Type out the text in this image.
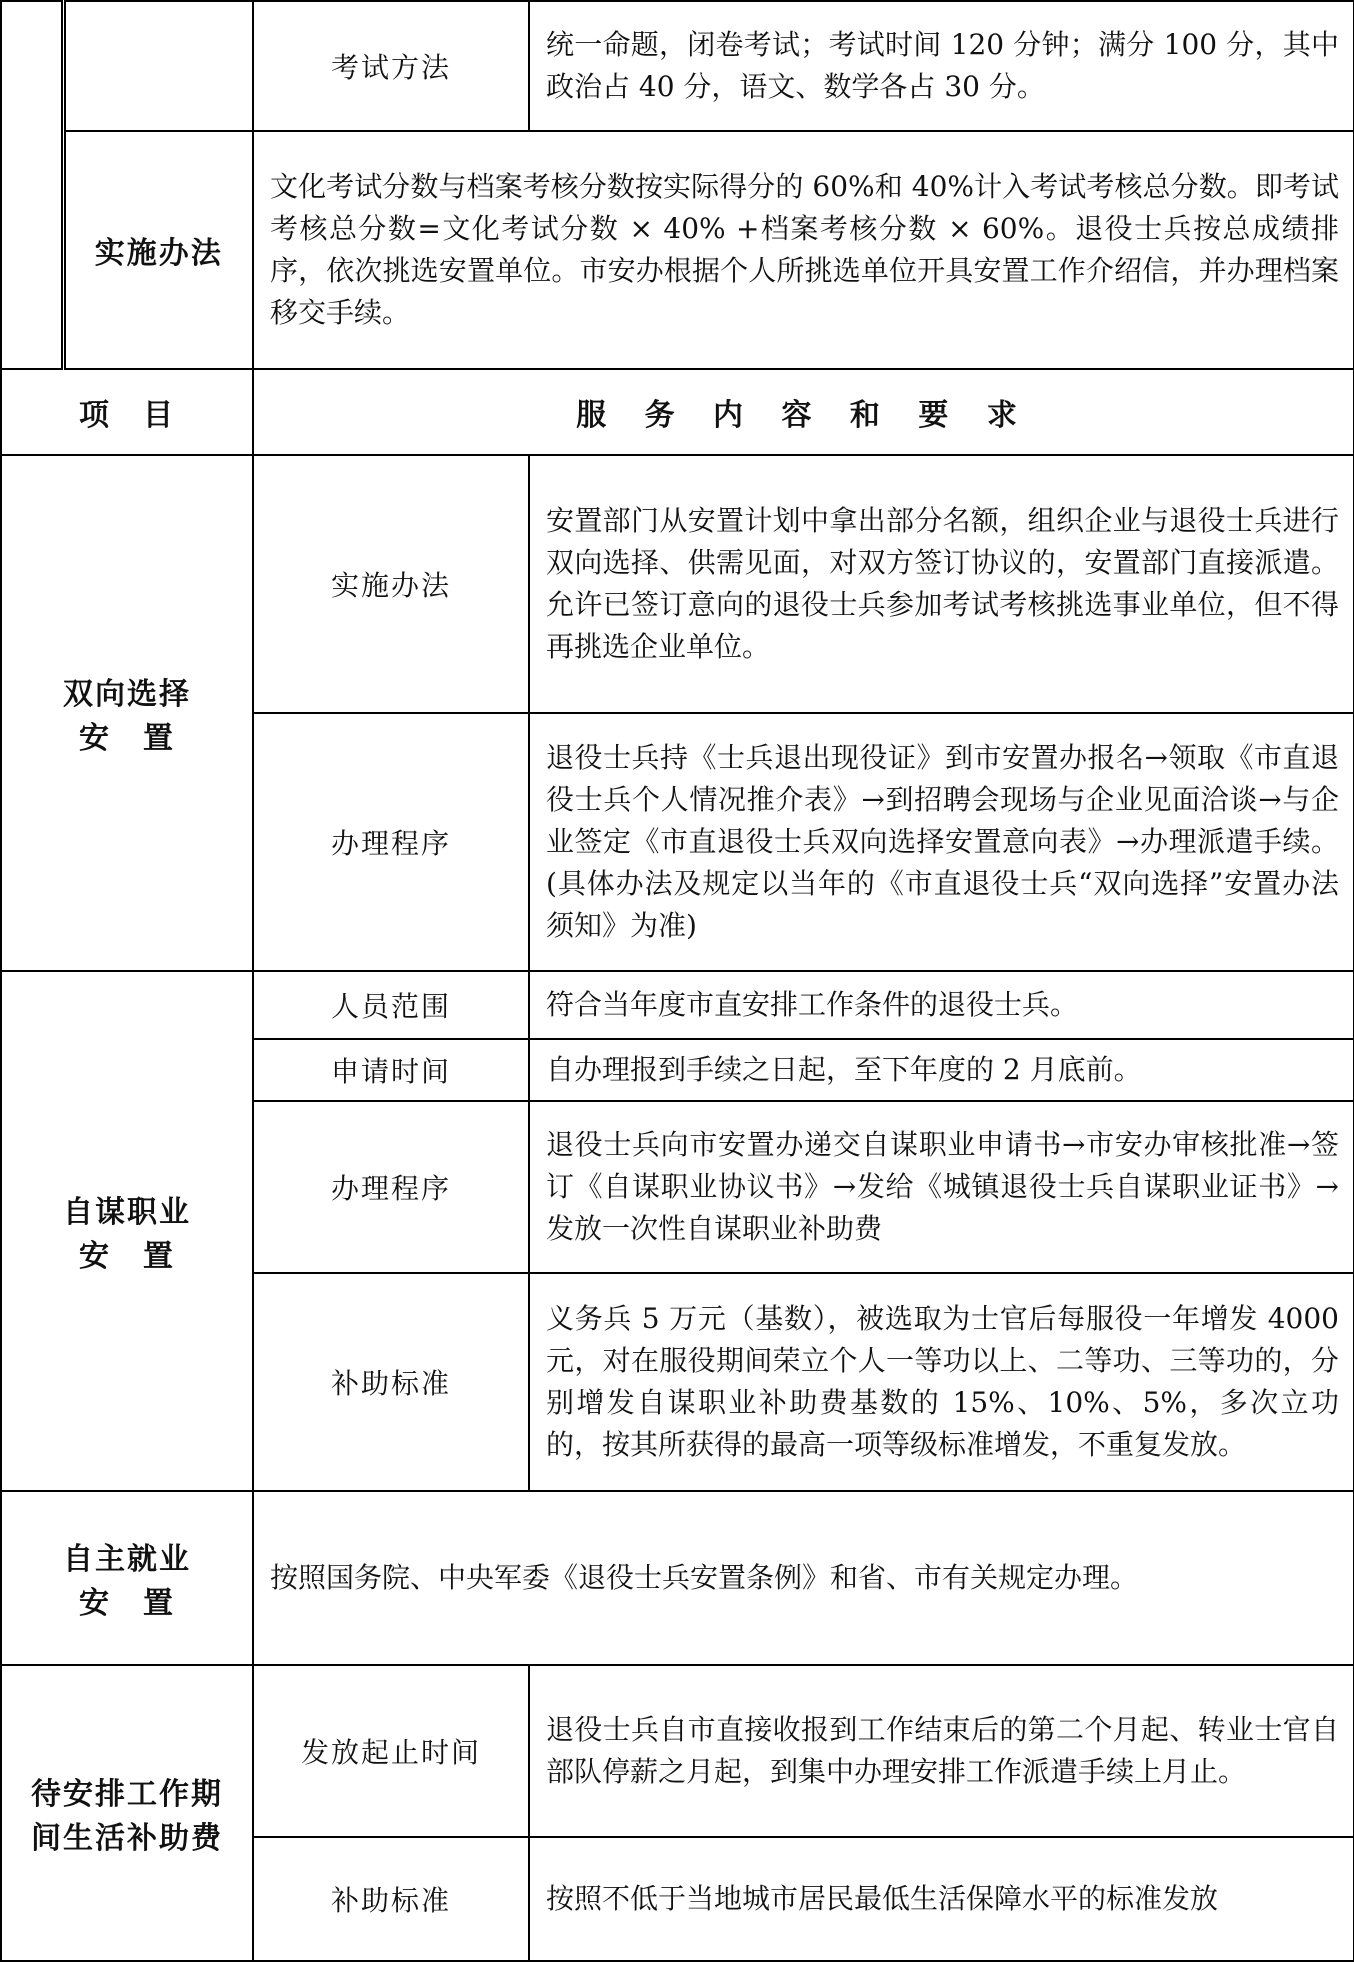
		考试方法	统一命题，闭卷考试；考试时间 120 分钟；满分 100 分，其中政治占 40 分，语文、数学各占 30 分。
	实施办法	文化考试分数与档案考核分数按实际得分的 60%和 40%计入考试考核总分数。即考试考核总分数=文化考试分数 × 40% +档案考核分数 × 60%。退役士兵按总成绩排序，依次挑选安置单位。市安办根据个人所挑选单位开具安置工作介绍信，并办理档案移交手续。	
项　目		服 务 内 容 和 要 求	

双向选择
安　置		实施办法	安置部门从安置计划中拿出部分名额，组织企业与退役士兵进行双向选择、供需见面，对双方签订协议的，安置部门直接派遣。允许已签订意向的退役士兵参加考试考核挑选事业单位，但不得再挑选企业单位。
		办理程序	退役士兵持《士兵退出现役证》到市安置办报名→领取《市直退役士兵个人情况推介表》→到招聘会现场与企业见面洽谈→与企业签定《市直退役士兵双向选择安置意向表》→办理派遣手续。(具体办法及规定以当年的《市直退役士兵“双向选择”安置办法须知》为准)

自谋职业
安　置		人员范围	符合当年度市直安排工作条件的退役士兵。
		申请时间	自办理报到手续之日起，至下年度的 2 月底前。
		办理程序	退役士兵向市安置办递交自谋职业申请书→市安办审核批准→签订《自谋职业协议书》→发给《城镇退役士兵自谋职业证书》→发放一次性自谋职业补助费
		补助标准	义务兵 5 万元（基数），被选取为士官后每服役一年增发 4000 元，对在服役期间荣立个人一等功以上、二等功、三等功的，分别增发自谋职业补助费基数的 15%、10%、5%，多次立功的，按其所获得的最高一项等级标准增发，不重复发放。

自主就业
安　置		按照国务院、中央军委《退役士兵安置条例》和省、市有关规定办理。	

待安排工作期
间生活补助费		发放起止时间	退役士兵自市直接收报到工作结束后的第二个月起、转业士官自部队停薪之月起，到集中办理安排工作派遣手续上月止。
		补助标准	按照不低于当地城市居民最低生活保障水平的标准发放
